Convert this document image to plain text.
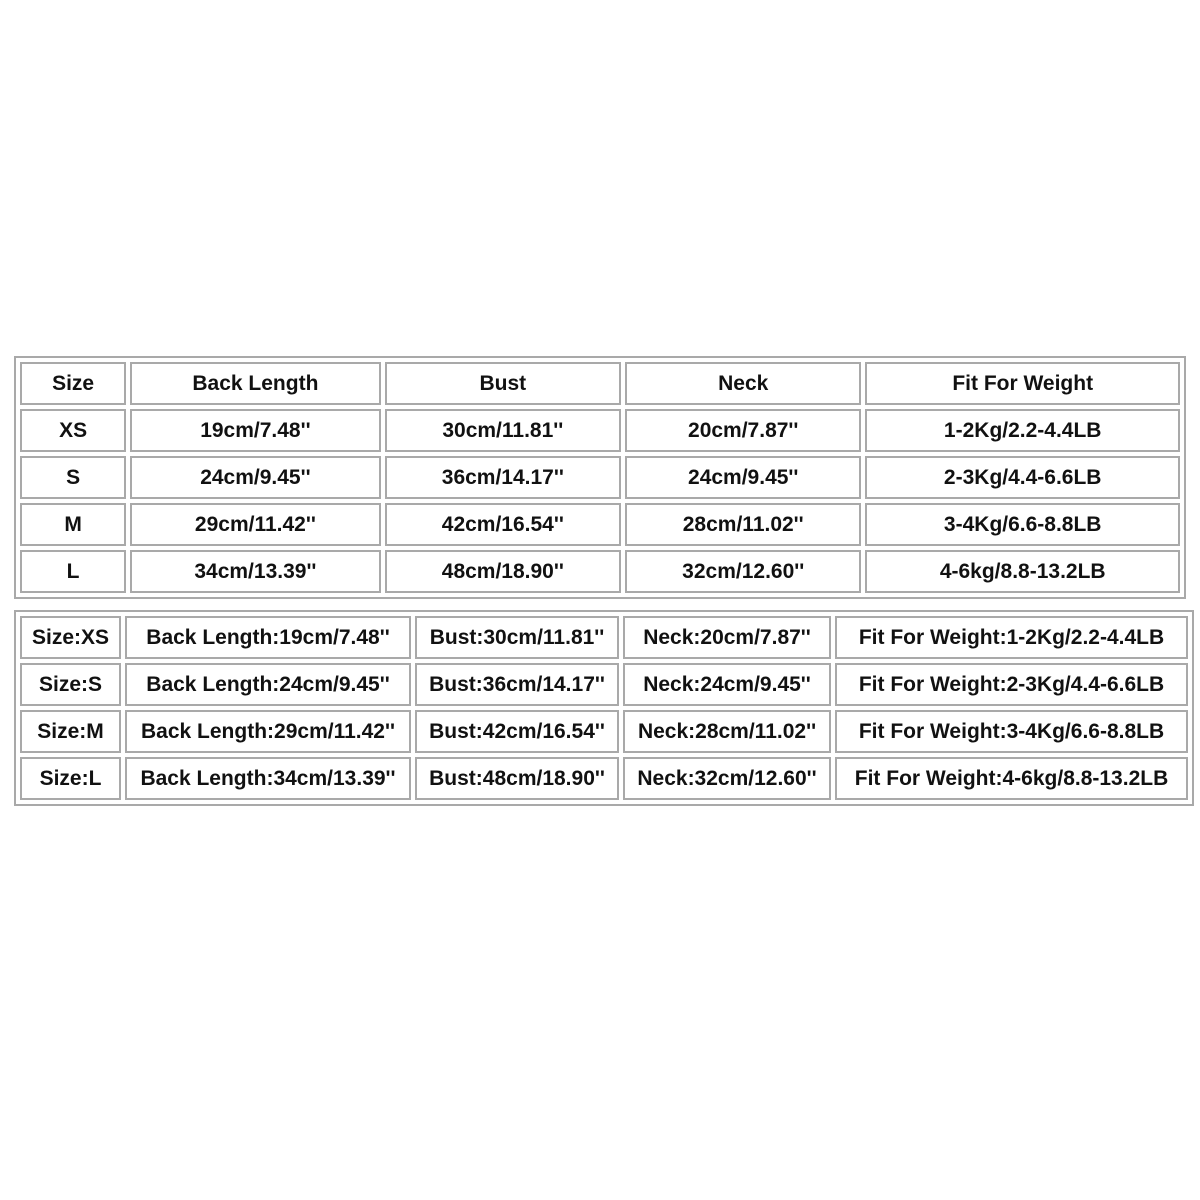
Size	Back Length	Bust	Neck	Fit For Weight
XS	19cm/7.48''	30cm/11.81''	20cm/7.87''	1-2Kg/2.2-4.4LB
S	24cm/9.45''	36cm/14.17''	24cm/9.45''	2-3Kg/4.4-6.6LB
M	29cm/11.42''	42cm/16.54''	28cm/11.02''	3-4Kg/6.6-8.8LB
L	34cm/13.39''	48cm/18.90''	32cm/12.60''	4-6kg/8.8-13.2LB
Size:XS	Back Length:19cm/7.48''	Bust:30cm/11.81''	Neck:20cm/7.87''	Fit For Weight:1-2Kg/2.2-4.4LB
Size:S	Back Length:24cm/9.45''	Bust:36cm/14.17''	Neck:24cm/9.45''	Fit For Weight:2-3Kg/4.4-6.6LB
Size:M	Back Length:29cm/11.42''	Bust:42cm/16.54''	Neck:28cm/11.02''	Fit For Weight:3-4Kg/6.6-8.8LB
Size:L	Back Length:34cm/13.39''	Bust:48cm/18.90''	Neck:32cm/12.60''	Fit For Weight:4-6kg/8.8-13.2LB
